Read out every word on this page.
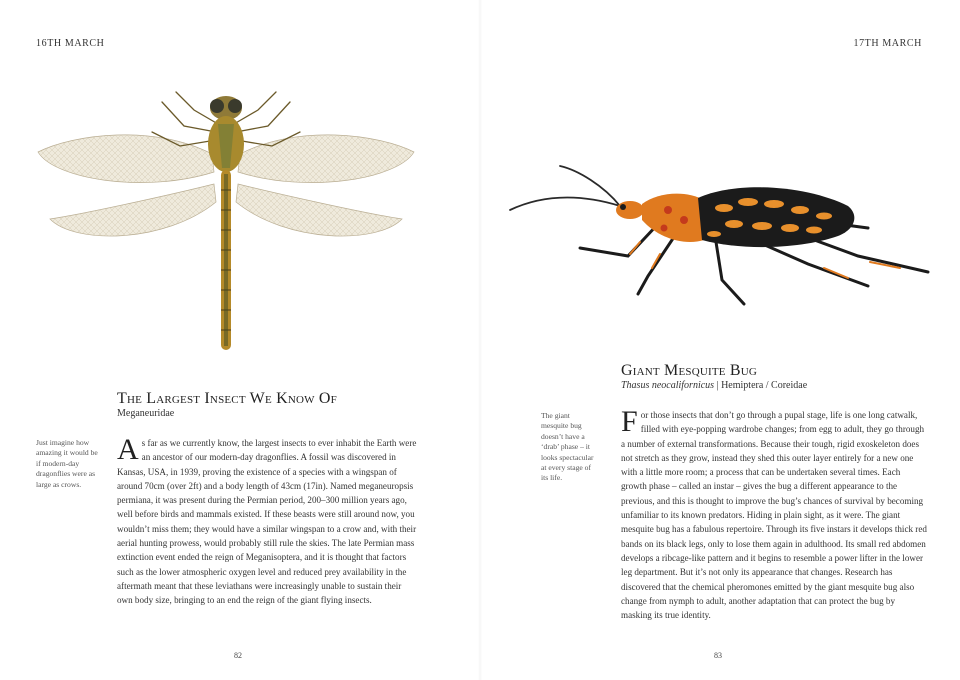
16TH MARCH
The Largest Insect We Know Of
Meganeuridae
Just imagine how amazing it would be if modern-day dragonflies were as large as crows.

As far as we currently know, the largest insects to ever inhabit the Earth were an ancestor of our modern-day dragonflies. A fossil was discovered in Kansas, USA, in 1939, proving the existence of a species with a wingspan of around 70cm (over 2ft) and a body length of 43cm (17in). Named meganeuropsis permiana, it was present during the Permian period, 200–300 million years ago, well before birds and mammals existed. If these beasts were still around now, you wouldn’t miss them; they would have a similar wingspan to a crow and, with their aerial hunting prowess, would probably still rule the skies. The late Permian mass extinction event ended the reign of Meganisoptera, and it is thought that factors such as the lower atmospheric oxygen level and reduced prey availability in the aftermath meant that these leviathans were increasingly unable to sustain their own body size, bringing to an end the reign of the giant flying insects.

82
17TH MARCH
Giant Mesquite Bug
Thasus neocalifornicus | Hemiptera / Coreidae
The giant mesquite bug doesn’t have a ‘drab’ phase – it looks spectacular at every stage of its life.

For those insects that don’t go through a pupal stage, life is one long catwalk, filled with eye-popping wardrobe changes; from egg to adult, they go through a number of external transformations. Because their tough, rigid exoskeleton does not stretch as they grow, instead they shed this outer layer entirely for a new one with a little more room; a process that can be undertaken several times. Each growth phase – called an instar – gives the bug a different appearance to the previous, and this is thought to improve the bug’s chances of survival by becoming unfamiliar to its known predators. Hiding in plain sight, as it were. The giant mesquite bug has a fabulous repertoire. Through its five instars it develops thick red bands on its black legs, only to lose them again in adulthood. Its small red abdomen develops a ribcage-like pattern and it begins to resemble a power lifter in the lower leg department. But it’s not only its appearance that changes. Research has discovered that the chemical pheromones emitted by the giant mesquite bug also change from nymph to adult, another adaptation that can protect the bug by masking its true identity.

83
